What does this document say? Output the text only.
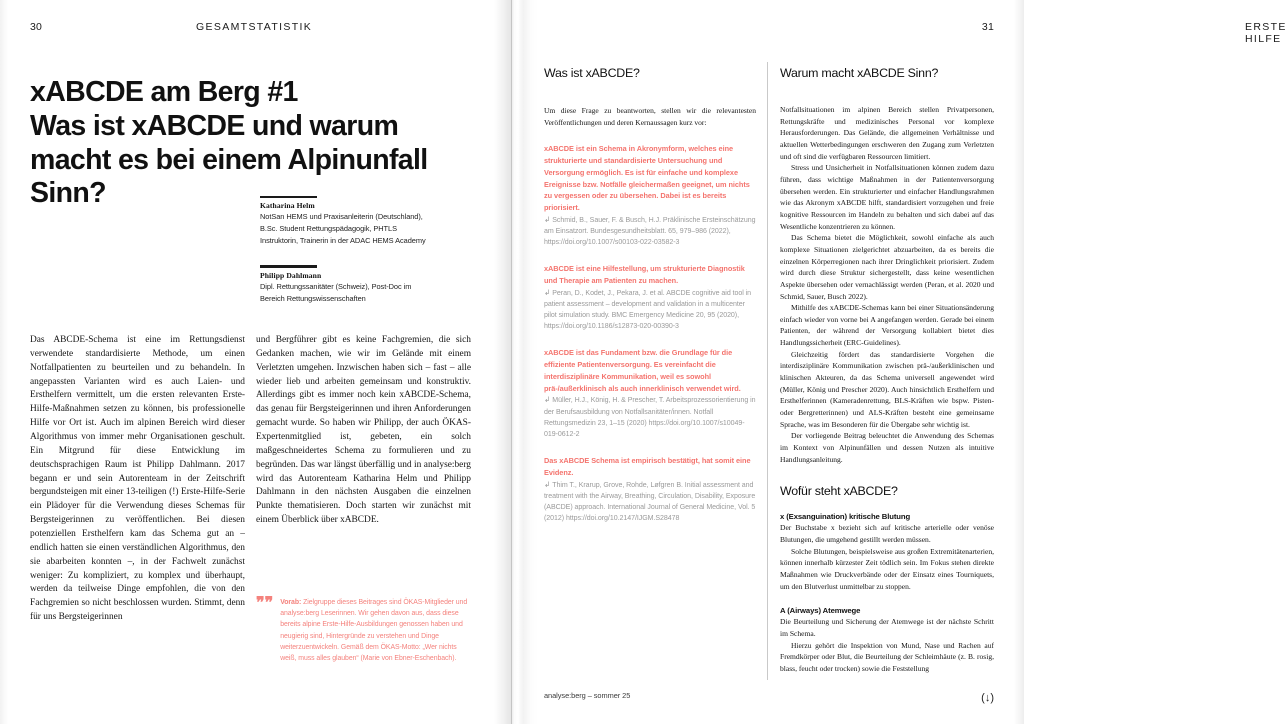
30	GESAMTSTATISTIK
xABCDE am Berg #1
Was ist xABCDE und warum macht es bei einem Alpinunfall Sinn?	Katharina Helm
NotSan HEMS und Praxisanleiterin (Deutschland), B.Sc. Student Rettungspädagogik, PHTLS Instruktorin, Trainerin in der ADAC HEMS Academy
Philipp Dahlmann
Dipl. Rettungssanitäter (Schweiz), Post-Doc im Bereich Rettungswissenschaften
Das ABCDE-Schema ist eine im Rettungsdienst verwendete standardisierte Methode, um einen Notfallpatienten zu beurteilen und zu behandeln. In angepassten Varianten wird es auch Laien- und Ersthelfern vermittelt, um die ersten relevanten Erste-Hilfe-Maßnahmen setzen zu können, bis professionelle Hilfe vor Ort ist. Auch im alpinen Bereich wird dieser Algorithmus von immer mehr Organisationen geschult. Ein Mitgrund für diese Entwicklung im deutschsprachigen Raum ist Philipp Dahlmann. 2017 begann er und sein Autorenteam in der Zeitschrift bergundsteigen mit einer 13-teiligen (!) Erste-Hilfe-Serie ein Plädoyer für die Verwendung dieses Schemas für Bergsteigerinnen zu veröffentlichen. Bei diesen potenziellen Ersthelfern kam das Schema gut an – endlich hatten sie einen verständlichen Algorithmus, den sie abarbeiten konnten –, in der Fachwelt zunächst weniger: Zu kompliziert, zu komplex und überhaupt, werden da teilweise Dinge empfohlen, die von den Fachgremien so nicht beschlossen wurden. Stimmt, denn für uns Bergsteigerinnen
und Bergführer gibt es keine Fachgremien, die sich Gedanken machen, wie wir im Gelände mit einem Verletzten umgehen. Inzwischen haben sich – fast – alle wieder lieb und arbeiten gemeinsam und konstruktiv. Allerdings gibt es immer noch kein xABCDE-Schema, das genau für Bergsteigerinnen und ihren Anforderungen gemacht wurde. So haben wir Philipp, der auch ÖKAS-Expertenmitglied ist, gebeten, ein solch maßgeschneidertes Schema zu formulieren und zu begründen. Das war längst überfällig und in analyse:berg wird das Autorenteam Katharina Helm und Philipp Dahlmann in den nächsten Ausgaben die einzelnen Punkte thematisieren. Doch starten wir zunächst mit einem Überblick über xABCDE.
❞❞ Vorab: Zielgruppe dieses Beitrages sind ÖKAS-Mitglieder und analyse:berg Leserinnen. Wir gehen davon aus, dass diese bereits alpine Erste-Hilfe-Ausbildungen genossen haben und neugierig sind, Hintergründe zu verstehen und Dinge weiterzuentwickeln. Gemäß dem ÖKAS-Motto: „Wer nichts weiß, muss alles glauben“ (Marie von Ebner-Eschenbach).
31	ERSTE HILFE
Was ist xABCDE?
Um diese Frage zu beantworten, stellen wir die relevantesten Veröffentlichungen und deren Kernaussagen kurz vor:
xABCDE ist ein Schema in Akronymform, welches eine strukturierte und standardisierte Untersuchung und Versorgung ermöglich. Es ist für einfache und komplexe Ereignisse bzw. Notfälle gleichermaßen geeignet, um nichts zu vergessen oder zu übersehen. Dabei ist es bereits priorisiert.
↲ Schmid, B., Sauer, F. & Busch, H.J. Präklinische Ersteinschätzung am Einsatzort. Bundesgesundheitsblatt. 65, 979–986 (2022), https://doi.org/10.1007/s00103-022-03582-3
xABCDE ist eine Hilfestellung, um strukturierte Diagnostik und Therapie am Patienten zu machen.
↲ Peran, D., Kodet, J., Pekara, J. et al. ABCDE cognitive aid tool in patient assessment – development and validation in a multicenter pilot simulation study. BMC Emergency Medicine 20, 95 (2020), https://doi.org/10.1186/s12873-020-00390-3
xABCDE ist das Fundament bzw. die Grundlage für die effiziente Patientenversorgung. Es vereinfacht die interdisziplinäre Kommunikation, weil es sowohl prä-/außerklinisch als auch innerklinisch verwendet wird.
↲ Müller, H.J., König, H. & Prescher, T. Arbeitsprozessorientierung in der Berufsausbildung von Notfallsanitäter/innen. Notfall Rettungsmedizin 23, 1–15 (2020) https://doi.org/10.1007/s10049-019-0612-2
Das xABCDE Schema ist empirisch bestätigt, hat somit eine Evidenz.
↲ Thim T., Krarup, Grove, Rohde, Løfgren B. Initial assessment and treatment with the Airway, Breathing, Circulation, Disability, Exposure (ABCDE) approach. International Journal of General Medicine, Vol. 5 (2012) https://doi.org/10.2147/IJGM.S28478
Warum macht xABCDE Sinn?

Notfallsituationen im alpinen Bereich stellen Privatpersonen, Rettungskräfte und medizinisches Personal vor komplexe Herausforderungen. Das Gelände, die allgemeinen Verhältnisse und aktuellen Wetterbedingungen erschweren den Zugang zum Verletzten und oft sind die verfügbaren Ressourcen limitiert.

Stress und Unsicherheit in Notfallsituationen können zudem dazu führen, dass wichtige Maßnahmen in der Patientenversorgung übersehen werden. Ein strukturierter und einfacher Handlungsrahmen wie das Akronym xABCDE hilft, standardisiert vorzugehen und freie kognitive Ressourcen im Handeln zu behalten und sich dabei auf das Wesentliche konzentrieren zu können.

Das Schema bietet die Möglichkeit, sowohl einfache als auch komplexe Situationen zielgerichtet abzuarbeiten, da es bereits die einzelnen Körperregionen nach ihrer Dringlichkeit priorisiert. Zudem wird durch diese Struktur sichergestellt, dass keine wesentlichen Aspekte übersehen oder vernachlässigt werden (Peran, et al. 2020 und Schmid, Sauer, Busch 2022).

Mithilfe des xABCDE-Schemas kann bei einer Situationsänderung einfach wieder von vorne bei A angefangen werden. Gerade bei einem Patienten, der während der Versorgung kollabiert bietet dies Handlungssicherheit (ERC-Guidelines).

Gleichzeitig fördert das standardisierte Vorgehen die interdisziplinäre Kommunikation zwischen prä-/außerklinischen und klinischen Akteuren, da das Schema universell angewendet wird (Müller, König und Prescher 2020). Auch hinsichtlich Ersthelfern und Ersthelferinnen (Kameradenrettung, BLS-Kräften wie bspw. Pisten- oder Bergretterinnen) und ALS-Kräften besteht eine gemeinsame Sprache, was im Besonderen für die Übergabe sehr wichtig ist.

Der vorliegende Beitrag beleuchtet die Anwendung des Schemas im Kontext von Alpinunfällen und dessen Nutzen als intuitive Handlungsanleitung.

Wofür steht xABCDE?
x (Exsanguination) kritische Blutung

Der Buchstabe x bezieht sich auf kritische arterielle oder venöse Blutungen, die umgehend gestillt werden müssen.

Solche Blutungen, beispielsweise aus großen Extremitätenarterien, können innerhalb kürzester Zeit tödlich sein. Im Fokus stehen direkte Maßnahmen wie Druckverbände oder der Einsatz eines Tourniquets, um den Blutverlust unmittelbar zu stoppen.

A (Airways) Atemwege

Die Beurteilung und Sicherung der Atemwege ist der nächste Schritt im Schema.

Hierzu gehört die Inspektion von Mund, Nase und Rachen auf Fremdkörper oder Blut, die Beurteilung der Schleimhäute (z. B. rosig, blass, feucht oder trocken) sowie die Feststellung

analyse:berg – sommer 25	(↓)
